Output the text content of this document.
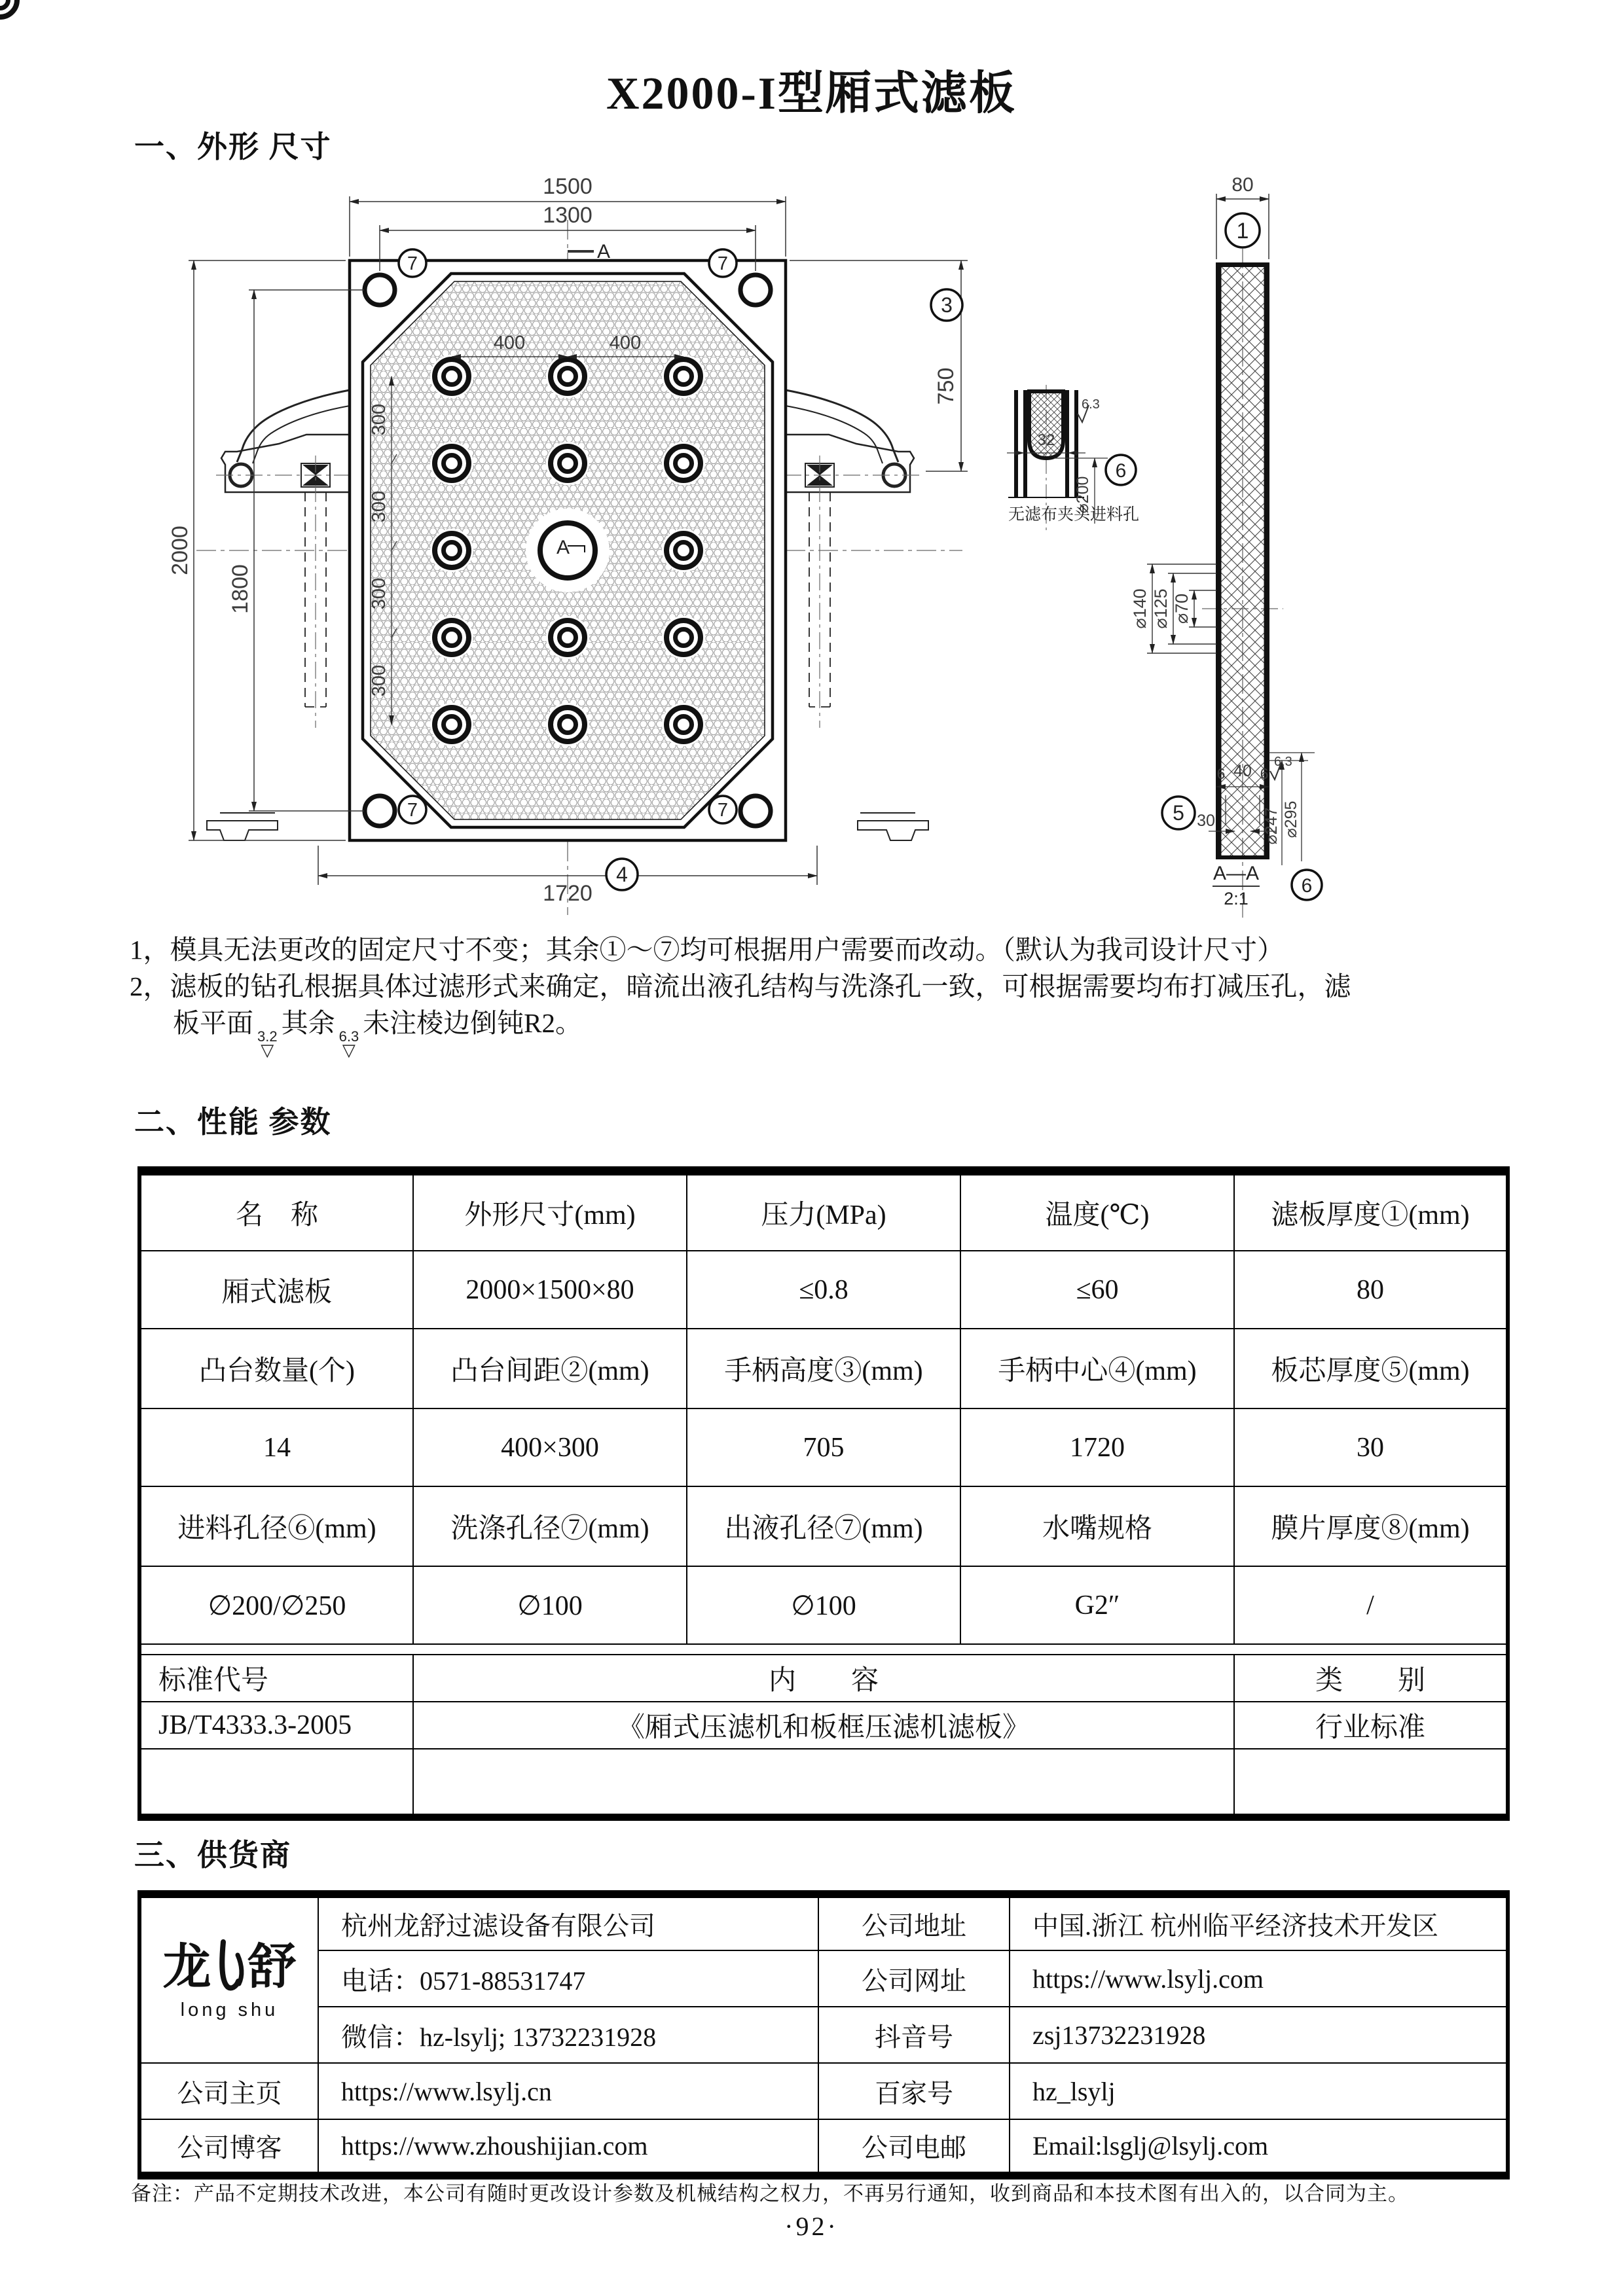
A
1500
1300
A
2000
1800
750
3
1720
4
400	400
300
300
300
300
7	7
7	7
80
1
⌀140 ⌀125 ⌀70
6 40 6
5 30	⌀247 ⌀295
6.3
A—A
2:1
6
32
⌀200
6.3
6
无滤布夹头进料孔
X2000-I型厢式滤板
一、外形 尺寸

1，模具无法更改的固定尺寸不变；其余①～⑦均可根据用户需要而改动。（默认为我司设计尺寸）

2，滤板的钻孔根据具体过滤形式来确定，暗流出液孔结构与洗涤孔一致，可根据需要均布打减压孔，滤
板平面 3.2
▽
其余 6.3
▽
未注棱边倒钝R2。

二、性能 参数
名　称	外形尺寸(mm)	压力(MPa)	温度(℃)	滤板厚度①(mm)
厢式滤板	2000×1500×80	≤0.8	≤60	80
凸台数量(个)	凸台间距②(mm)	手柄高度③(mm)	手柄中心④(mm)	板芯厚度⑤(mm)
14	400×300	705	1720	30
进料孔径⑥(mm)	洗涤孔径⑦(mm)	出液孔径⑦(mm)	水嘴规格	膜片厚度⑧(mm)
∅200/∅250	∅100	∅100	G2″	/

标准代号	内　　容			类　　别
JB/T4333.3-2005	《厢式压滤机和板框压滤机滤板》			行业标准

三、供货商
龙 舒
long shu	杭州龙舒过滤设备有限公司	公司地址	中国.浙江 杭州临平经济技术开发区
	电话：0571-88531747	公司网址	https://www.lsylj.com
	微信：hz-lsylj; 13732231928	抖音号	zsj13732231928
公司主页	https://www.lsylj.cn	百家号	hz_lsylj
公司博客	https://www.zhoushijian.com	公司电邮	Email:lsglj@lsylj.com
备注：产品不定期技术改进，本公司有随时更改设计参数及机械结构之权力，不再另行通知，收到商品和本技术图有出入的，以合同为主。
·92·
